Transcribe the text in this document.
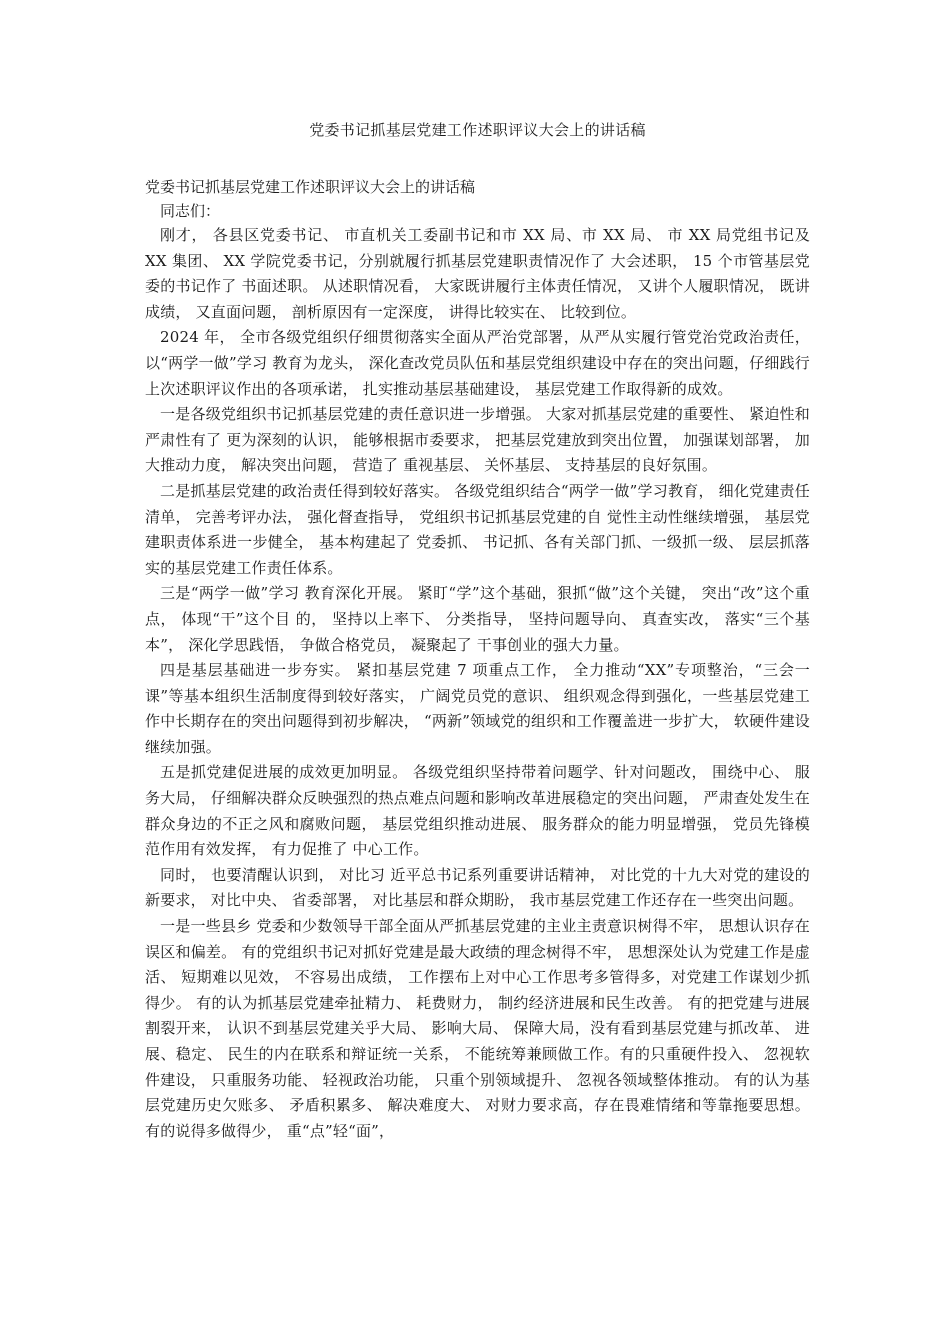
党委书记抓基层党建工作述职评议大会上的讲话稿

党委书记抓基层党建工作述职评议大会上的讲话稿

同志们：

刚才， 各县区党委书记、 市直机关工委副书记和市 XX 局、市 XX 局、 市 XX 局党组书记及 XX 集团、 XX 学院党委书记，分别就履行抓基层党建职责情况作了 大会述职， 15 个市管基层党委的书记作了 书面述职。 从述职情况看， 大家既讲履行主体责任情况， 又讲个人履职情况， 既讲成绩， 又直面问题， 剖析原因有一定深度， 讲得比较实在、 比较到位。

2024 年， 全市各级党组织仔细贯彻落实全面从严治党部署，从严从实履行管党治党政治责任， 以“两学一做”学习 教育为龙头， 深化查改党员队伍和基层党组织建设中存在的突出问题，仔细践行上次述职评议作出的各项承诺， 扎实推动基层基础建设， 基层党建工作取得新的成效。

一是各级党组织书记抓基层党建的责任意识进一步增强。 大家对抓基层党建的重要性、 紧迫性和严肃性有了 更为深刻的认识， 能够根据市委要求， 把基层党建放到突出位置， 加强谋划部署， 加大推动力度， 解决突出问题， 营造了 重视基层、 关怀基层、 支持基层的良好氛围。

二是抓基层党建的政治责任得到较好落实。 各级党组织结合“两学一做”学习教育， 细化党建责任清单， 完善考评办法， 强化督查指导， 党组织书记抓基层党建的自 觉性主动性继续增强， 基层党建职责体系进一步健全， 基本构建起了 党委抓、 书记抓、各有关部门抓、一级抓一级、 层层抓落实的基层党建工作责任体系。

三是“两学一做”学习 教育深化开展。 紧盯“学”这个基础，狠抓“做”这个关键， 突出“改”这个重点， 体现“干”这个目 的， 坚持以上率下、 分类指导， 坚持问题导向、 真查实改， 落实“三个基本”， 深化学思践悟， 争做合格党员， 凝聚起了 干事创业的强大力量。

四是基层基础进一步夯实。 紧扣基层党建 7 项重点工作， 全力推动“XX”专项整治，“三会一课”等基本组织生活制度得到较好落实， 广阔党员党的意识、 组织观念得到强化，一些基层党建工作中长期存在的突出问题得到初步解决， “两新”领域党的组织和工作覆盖进一步扩大， 软硬件建设继续加强。

五是抓党建促进展的成效更加明显。 各级党组织坚持带着问题学、针对问题改， 围绕中心、 服务大局， 仔细解决群众反映强烈的热点难点问题和影响改革进展稳定的突出问题， 严肃查处发生在群众身边的不正之风和腐败问题， 基层党组织推动进展、 服务群众的能力明显增强， 党员先锋模范作用有效发挥， 有力促推了 中心工作。

同时， 也要清醒认识到， 对比习 近平总书记系列重要讲话精神， 对比党的十九大对党的建设的新要求， 对比中央、 省委部署， 对比基层和群众期盼， 我市基层党建工作还存在一些突出问题。

一是一些县乡 党委和少数领导干部全面从严抓基层党建的主业主责意识树得不牢， 思想认识存在误区和偏差。 有的党组织书记对抓好党建是最大政绩的理念树得不牢， 思想深处认为党建工作是虚活、 短期难以见效， 不容易出成绩， 工作摆布上对中心工作思考多管得多，对党建工作谋划少抓得少。 有的认为抓基层党建牵扯精力、 耗费财力， 制约经济进展和民生改善。 有的把党建与进展割裂开来， 认识不到基层党建关乎大局、 影响大局、 保障大局，没有看到基层党建与抓改革、 进展、稳定、 民生的内在联系和辩证统一关系， 不能统筹兼顾做工作。有的只重硬件投入、 忽视软件建设， 只重服务功能、 轻视政治功能， 只重个别领域提升、 忽视各领域整体推动。 有的认为基层党建历史欠账多、 矛盾积累多、 解决难度大、 对财力要求高，存在畏难情绪和等靠拖要思想。 有的说得多做得少， 重“点”轻“面”，
